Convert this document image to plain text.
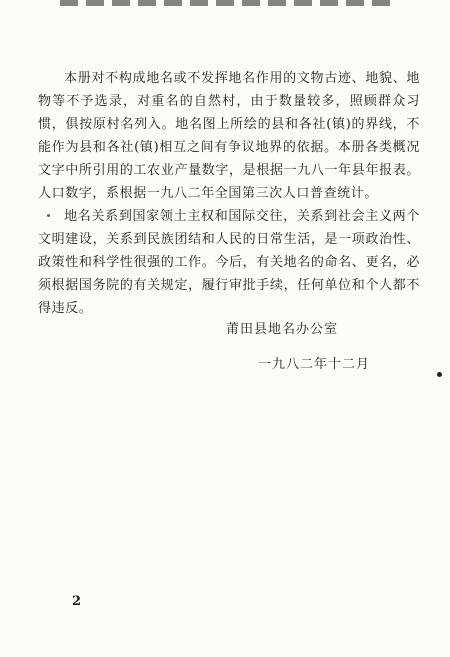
本册对不构成地名或不发挥地名作用的文物古迹、地貌、地物等不予选录，对重名的自然村，由于数量较多，照顾群众习惯，俱按原村名列入。地名图上所绘的县和各社(镇)的界线，不能作为县和各社(镇)相互之间有争议地界的依据。本册各类概况文字中所引用的工农业产量数字，是根据一九八一年县年报表。人口数字，系根据一九八二年全国第三次人口普查统计。

地名关系到国家领土主权和国际交往，关系到社会主义两个文明建设，关系到民族团结和人民的日常生活，是一项政治性、政策性和科学性很强的工作。今后，有关地名的命名、更名，必须根据国务院的有关规定，履行审批手续，任何单位和个人都不得违反。

莆田县地名办公室

一九八二年十二月

2
